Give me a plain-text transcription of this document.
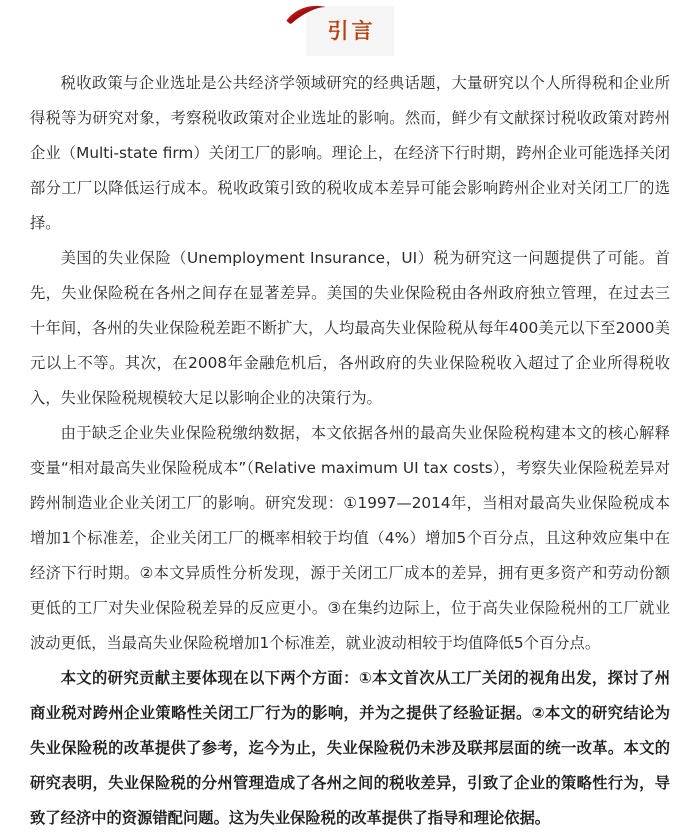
引言

税收政策与企业选址是公共经济学领域研究的经典话题，大量研究以个人所得税和企业所得税等为研究对象，考察税收政策对企业选址的影响。然而，鲜少有文献探讨税收政策对跨州企业（Multi-state firm）关闭工厂的影响。理论上，在经济下行时期，跨州企业可能选择关闭部分工厂以降低运行成本。税收政策引致的税收成本差异可能会影响跨州企业对关闭工厂的选择。

美国的失业保险（Unemployment Insurance，UI）税为研究这一问题提供了可能。首先，失业保险税在各州之间存在显著差异。美国的失业保险税由各州政府独立管理，在过去三十年间，各州的失业保险税差距不断扩大，人均最高失业保险税从每年400美元以下至2000美元以上不等。其次，在2008年金融危机后，各州政府的失业保险税收入超过了企业所得税收入，失业保险税规模较大足以影响企业的决策行为。

由于缺乏企业失业保险税缴纳数据，本文依据各州的最高失业保险税构建本文的核心解释变量“相对最高失业保险税成本”（Relative maximum UI tax costs），考察失业保险税差异对跨州制造业企业关闭工厂的影响。研究发现：①1997—2014年，当相对最高失业保险税成本增加1个标准差，企业关闭工厂的概率相较于均值（4%）增加5个百分点，且这种效应集中在经济下行时期。②本文异质性分析发现，源于关闭工厂成本的差异，拥有更多资产和劳动份额更低的工厂对失业保险税差异的反应更小。③在集约边际上，位于高失业保险税州的工厂就业波动更低，当最高失业保险税增加1个标准差，就业波动相较于均值降低5个百分点。

本文的研究贡献主要体现在以下两个方面：①本文首次从工厂关闭的视角出发，探讨了州商业税对跨州企业策略性关闭工厂行为的影响，并为之提供了经验证据。②本文的研究结论为失业保险税的改革提供了参考，迄今为止，失业保险税仍未涉及联邦层面的统一改革。本文的研究表明，失业保险税的分州管理造成了各州之间的税收差异，引致了企业的策略性行为，导致了经济中的资源错配问题。这为失业保险税的改革提供了指导和理论依据。
